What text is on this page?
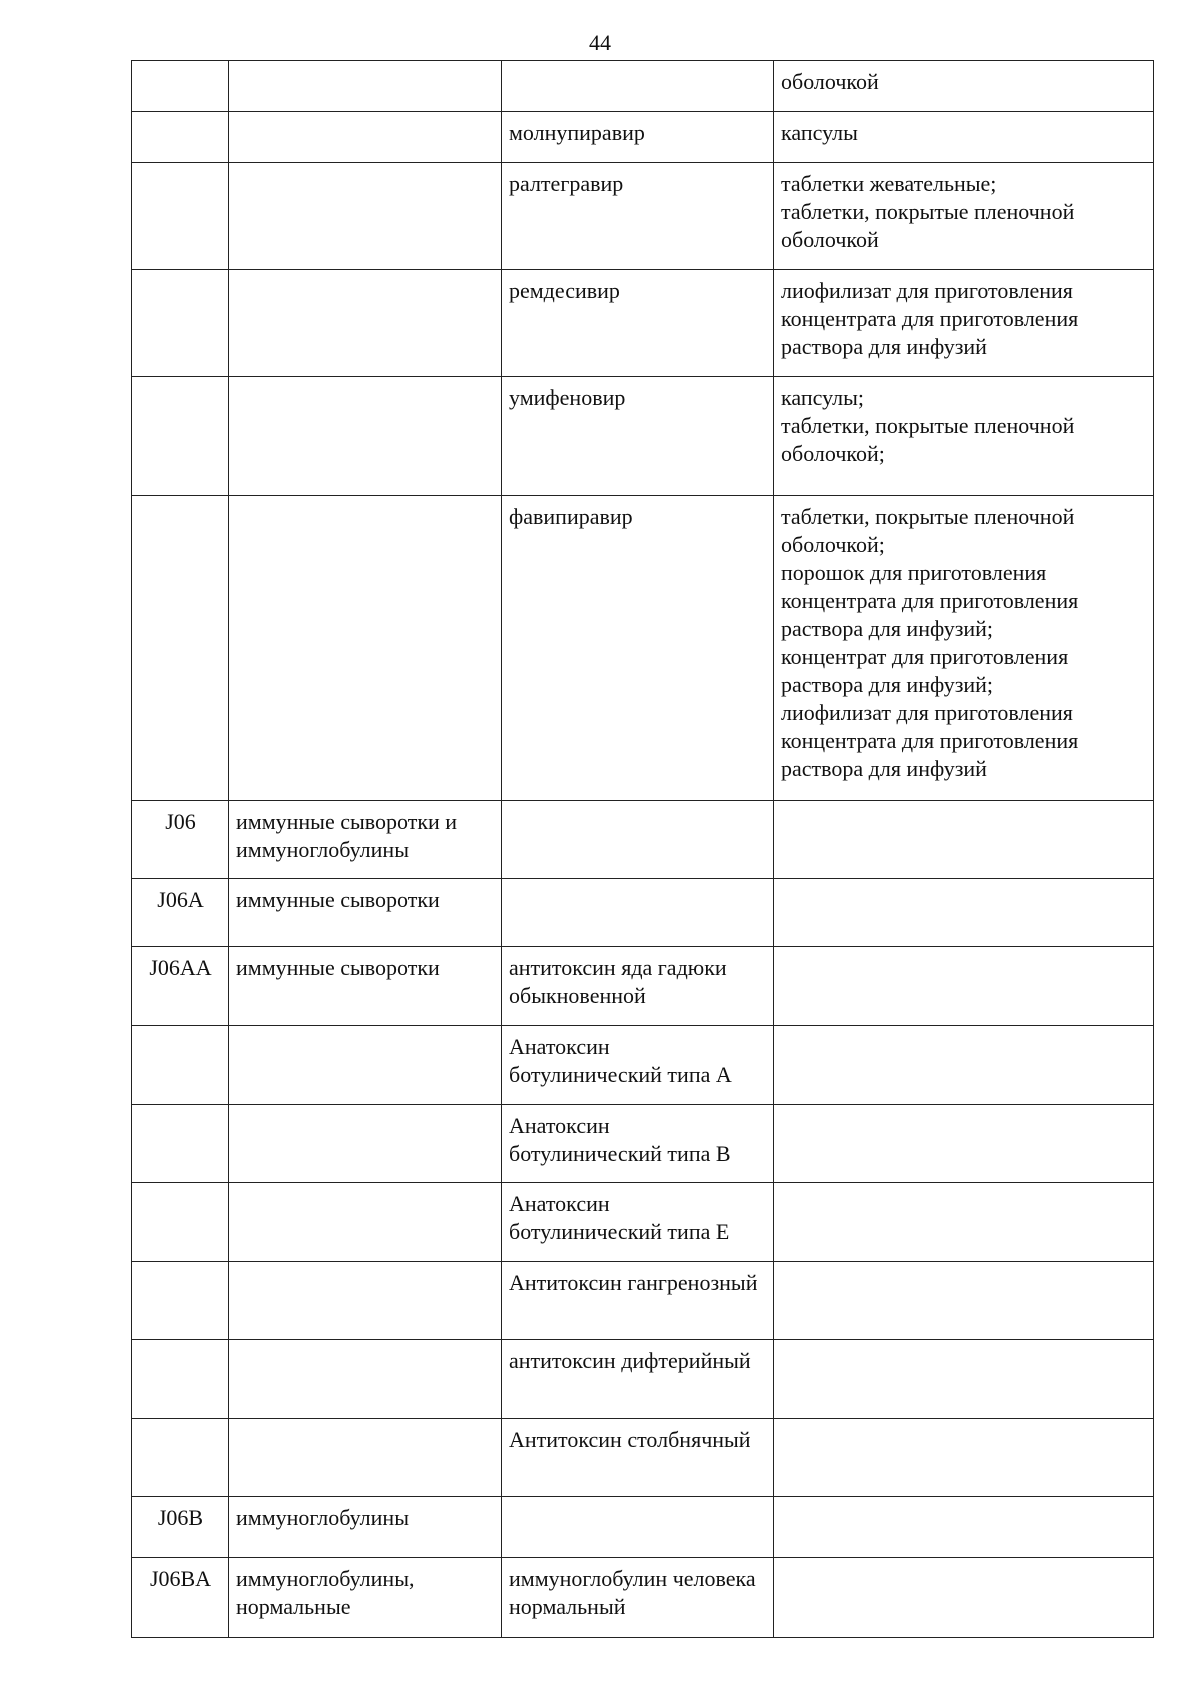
44
			оболочкой
		молнупиравир	капсулы
		ралтегравир	таблетки жевательные;
таблетки, покрытые пленочной оболочкой
		ремдесивир	лиофилизат для приготовления концентрата для приготовления раствора для инфузий
		умифеновир	капсулы;
таблетки, покрытые пленочной оболочкой;
		фавипиравир	таблетки, покрытые пленочной оболочкой;
порошок для приготовления концентрата для приготовления раствора для инфузий;
концентрат для приготовления раствора для инфузий;
лиофилизат для приготовления концентрата для приготовления раствора для инфузий
J06	иммунные сыворотки и иммуноглобулины		
J06A	иммунные сыворотки		
J06AA	иммунные сыворотки	антитоксин яда гадюки обыкновенной	
		Анатоксин ботулинический типа А	
		Анатоксин ботулинический типа В	
		Анатоксин ботулинический типа Е	
		Антитоксин гангренозный	
		антитоксин дифтерийный	
		Антитоксин столбнячный	
J06B	иммуноглобулины		
J06BA	иммуноглобулины, нормальные	иммуноглобулин человека нормальный	
